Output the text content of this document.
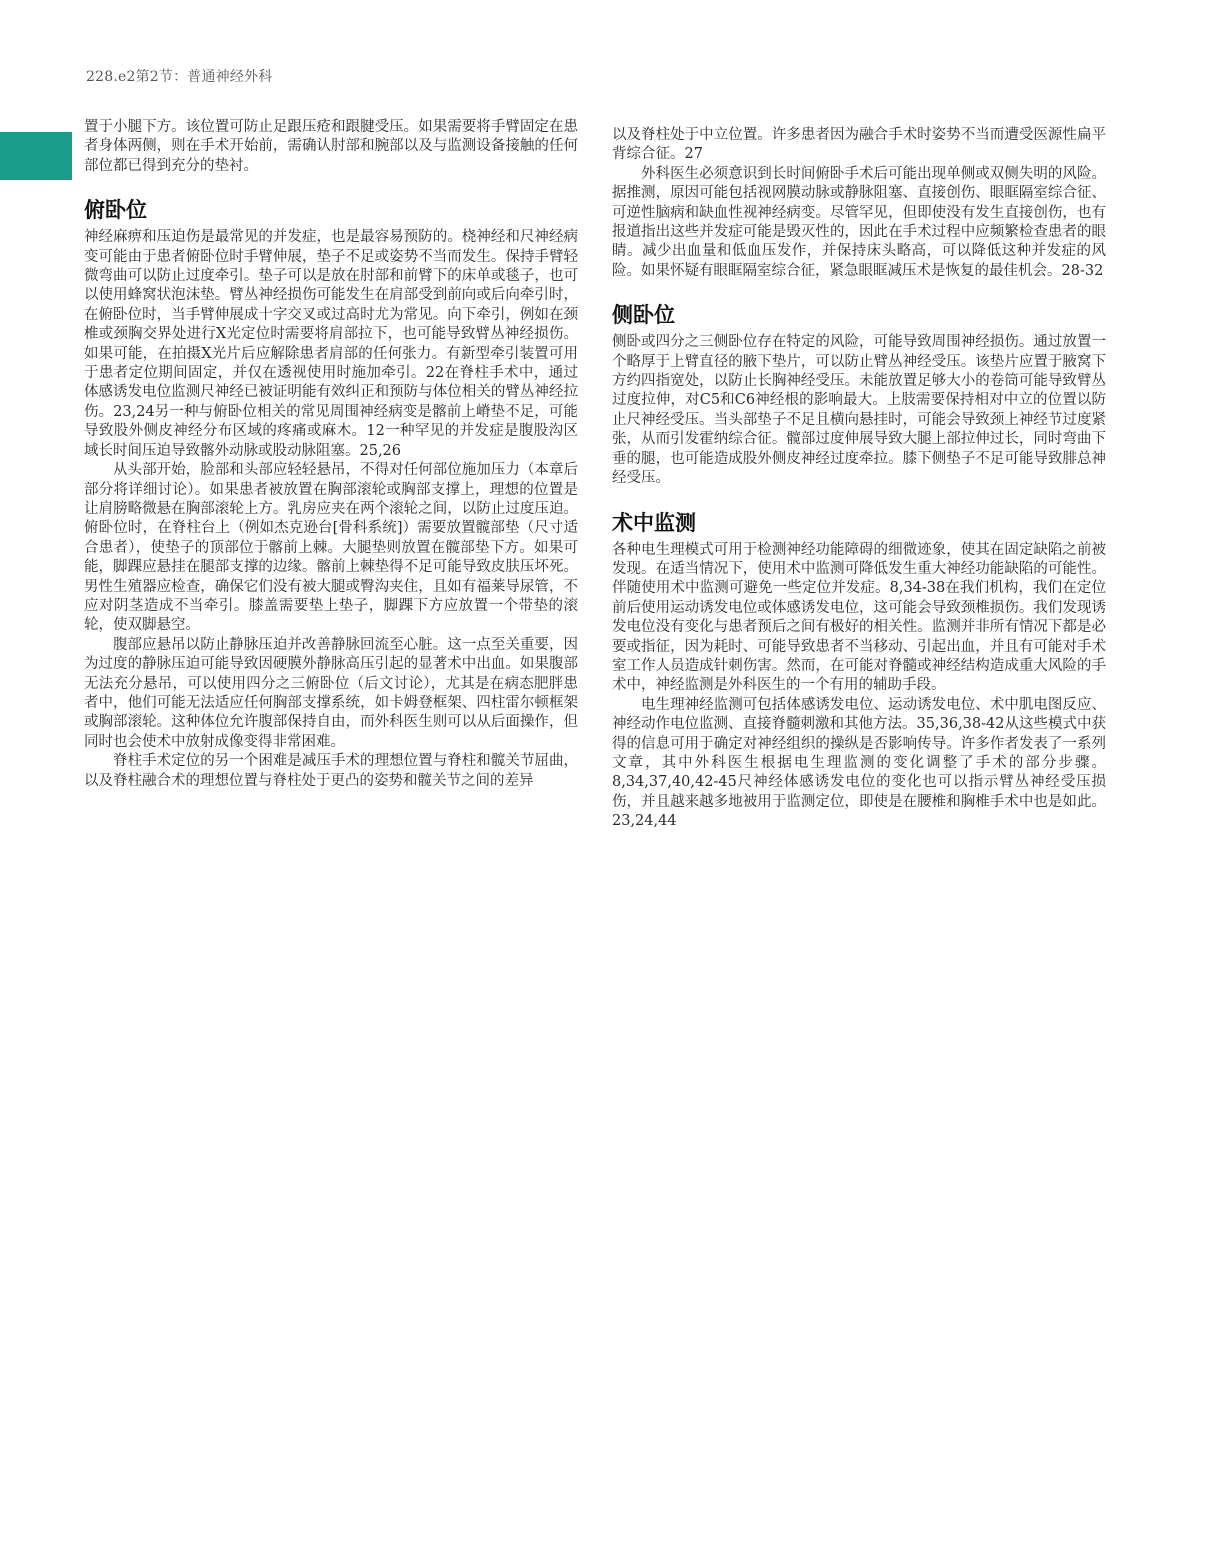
228.e2第2节：普通神经外科

置于小腿下方。该位置可防止足跟压疮和跟腱受压。如果需要将手臂固定在患者身体两侧，则在手术开始前，需确认肘部和腕部以及与监测设备接触的任何部位都已得到充分的垫衬。

俯卧位

神经麻痹和压迫伤是最常见的并发症，也是最容易预防的。桡神经和尺神经病变可能由于患者俯卧位时手臂伸展，垫子不足或姿势不当而发生。保持手臂轻微弯曲可以防止过度牵引。垫子可以是放在肘部和前臂下的床单或毯子，也可以使用蜂窝状泡沫垫。臂丛神经损伤可能发生在肩部受到前向或后向牵引时，在俯卧位时，当手臂伸展成十字交叉或过高时尤为常见。向下牵引，例如在颈椎或颈胸交界处进行X光定位时需要将肩部拉下，也可能导致臂丛神经损伤。如果可能，在拍摄X光片后应解除患者肩部的任何张力。有新型牵引装置可用于患者定位期间固定，并仅在透视使用时施加牵引。22在脊柱手术中，通过体感诱发电位监测尺神经已被证明能有效纠正和预防与体位相关的臂丛神经拉伤。23,24另一种与俯卧位相关的常见周围神经病变是髂前上嵴垫不足，可能导致股外侧皮神经分布区域的疼痛或麻木。12一种罕见的并发症是腹股沟区域长时间压迫导致髂外动脉或股动脉阻塞。25,26

从头部开始，脸部和头部应轻轻悬吊，不得对任何部位施加压力（本章后部分将详细讨论）。如果患者被放置在胸部滚轮或胸部支撑上，理想的位置是让肩膀略微悬在胸部滚轮上方。乳房应夹在两个滚轮之间，以防止过度压迫。俯卧位时，在脊柱台上（例如杰克逊台[骨科系统]）需要放置髋部垫（尺寸适合患者），使垫子的顶部位于髂前上棘。大腿垫则放置在髋部垫下方。如果可能，脚踝应悬挂在腿部支撑的边缘。髂前上棘垫得不足可能导致皮肤压坏死。男性生殖器应检查，确保它们没有被大腿或臀沟夹住，且如有福莱导尿管，不应对阴茎造成不当牵引。膝盖需要垫上垫子，脚踝下方应放置一个带垫的滚轮，使双脚悬空。

腹部应悬吊以防止静脉压迫并改善静脉回流至心脏。这一点至关重要，因为过度的静脉压迫可能导致因硬膜外静脉高压引起的显著术中出血。如果腹部无法充分悬吊，可以使用四分之三俯卧位（后文讨论），尤其是在病态肥胖患者中，他们可能无法适应任何胸部支撑系统，如卡姆登框架、四柱雷尔顿框架或胸部滚轮。这种体位允许腹部保持自由，而外科医生则可以从后面操作，但同时也会使术中放射成像变得非常困难。

脊柱手术定位的另一个困难是减压手术的理想位置与脊柱和髋关节屈曲，以及脊柱融合术的理想位置与脊柱处于更凸的姿势和髋关节之间的差异

以及脊柱处于中立位置。许多患者因为融合手术时姿势不当而遭受医源性扁平背综合征。27

外科医生必须意识到长时间俯卧手术后可能出现单侧或双侧失明的风险。据推测，原因可能包括视网膜动脉或静脉阻塞、直接创伤、眼眶隔室综合征、可逆性脑病和缺血性视神经病变。尽管罕见，但即使没有发生直接创伤，也有报道指出这些并发症可能是毁灭性的，因此在手术过程中应频繁检查患者的眼睛。减少出血量和低血压发作，并保持床头略高，可以降低这种并发症的风险。如果怀疑有眼眶隔室综合征，紧急眼眶减压术是恢复的最佳机会。28-32

侧卧位

侧卧或四分之三侧卧位存在特定的风险，可能导致周围神经损伤。通过放置一个略厚于上臂直径的腋下垫片，可以防止臂丛神经受压。该垫片应置于腋窝下方约四指宽处，以防止长胸神经受压。未能放置足够大小的卷筒可能导致臂丛过度拉伸，对C5和C6神经根的影响最大。上肢需要保持相对中立的位置以防止尺神经受压。当头部垫子不足且横向悬挂时，可能会导致颈上神经节过度紧张，从而引发霍纳综合征。髋部过度伸展导致大腿上部拉伸过长，同时弯曲下垂的腿，也可能造成股外侧皮神经过度牵拉。膝下侧垫子不足可能导致腓总神经受压。

术中监测

各种电生理模式可用于检测神经功能障碍的细微迹象，使其在固定缺陷之前被发现。在适当情况下，使用术中监测可降低发生重大神经功能缺陷的可能性。伴随使用术中监测可避免一些定位并发症。8,34-38在我们机构，我们在定位前后使用运动诱发电位或体感诱发电位，这可能会导致颈椎损伤。我们发现诱发电位没有变化与患者预后之间有极好的相关性。监测并非所有情况下都是必要或指征，因为耗时、可能导致患者不当移动、引起出血，并且有可能对手术室工作人员造成针刺伤害。然而，在可能对脊髓或神经结构造成重大风险的手术中，神经监测是外科医生的一个有用的辅助手段。

电生理神经监测可包括体感诱发电位、运动诱发电位、术中肌电图反应、神经动作电位监测、直接脊髓刺激和其他方法。35,36,38-42从这些模式中获得的信息可用于确定对神经组织的操纵是否影响传导。许多作者发表了一系列文章，其中外科医生根据电生理监测的变化调整了手术的部分步骤。8,34,37,40,42-45尺神经体感诱发电位的变化也可以指示臂丛神经受压损伤，并且越来越多地被用于监测定位，即使是在腰椎和胸椎手术中也是如此。23,24,44
